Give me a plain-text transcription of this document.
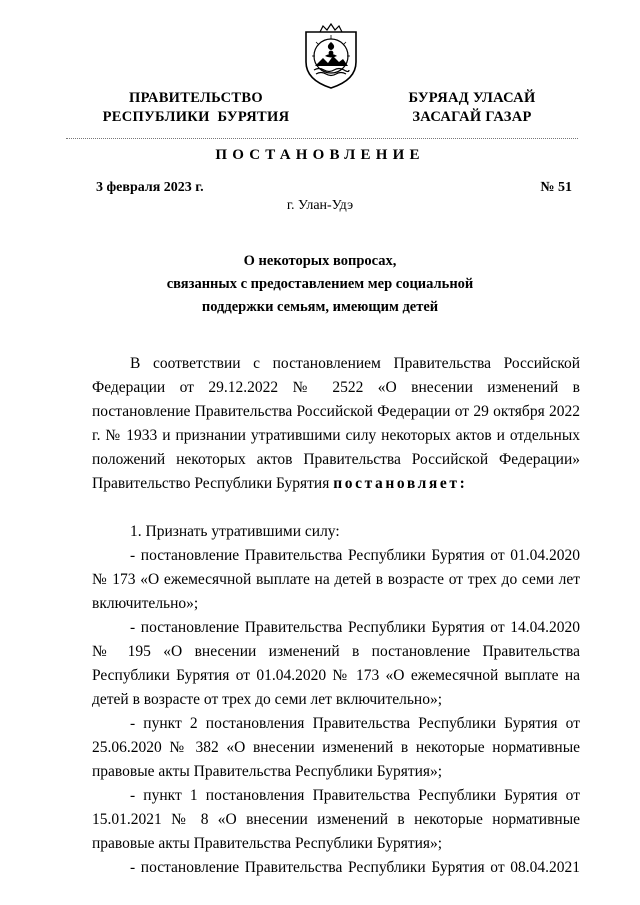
ПРАВИТЕЛЬСТВО
РЕСПУБЛИКИ  БУРЯТИЯ
БУРЯАД УЛАСАЙ
ЗАСАГАЙ ГАЗАР
ПОСТАНОВЛЕНИЕ
3 февраля 2023 г.	№ 51
г. Улан-Удэ
О некоторых вопросах,
связанных с предоставлением мер социальной
поддержки семьям, имеющим детей

В соответствии с постановлением Правительства Российской Федерации от 29.12.2022 № 2522 «О внесении изменений в постановление Правительства Российской Федерации от 29 октября 2022 г. № 1933 и признании утратившими силу некоторых актов и отдельных положений некоторых актов Правительства Российской Федерации» Правительство Республики Бурятия постановляет:

1. Признать утратившими силу:

- постановление Правительства Республики Бурятия от 01.04.2020 № 173 «О ежемесячной выплате на детей в возрасте от трех до семи лет включительно»;

- постановление Правительства Республики Бурятия от 14.04.2020 № 195 «О внесении изменений в постановление Правительства Республики Бурятия от 01.04.2020 № 173 «О ежемесячной выплате на детей в возрасте от трех до семи лет включительно»;

- пункт 2 постановления Правительства Республики Бурятия от 25.06.2020 № 382 «О внесении изменений в некоторые нормативные правовые акты Правительства Республики Бурятия»;

- пункт 1 постановления Правительства Республики Бурятия от 15.01.2021 № 8 «О внесении изменений в некоторые нормативные правовые акты Правительства Республики Бурятия»;

- постановление Правительства Республики Бурятия от 08.04.2021
